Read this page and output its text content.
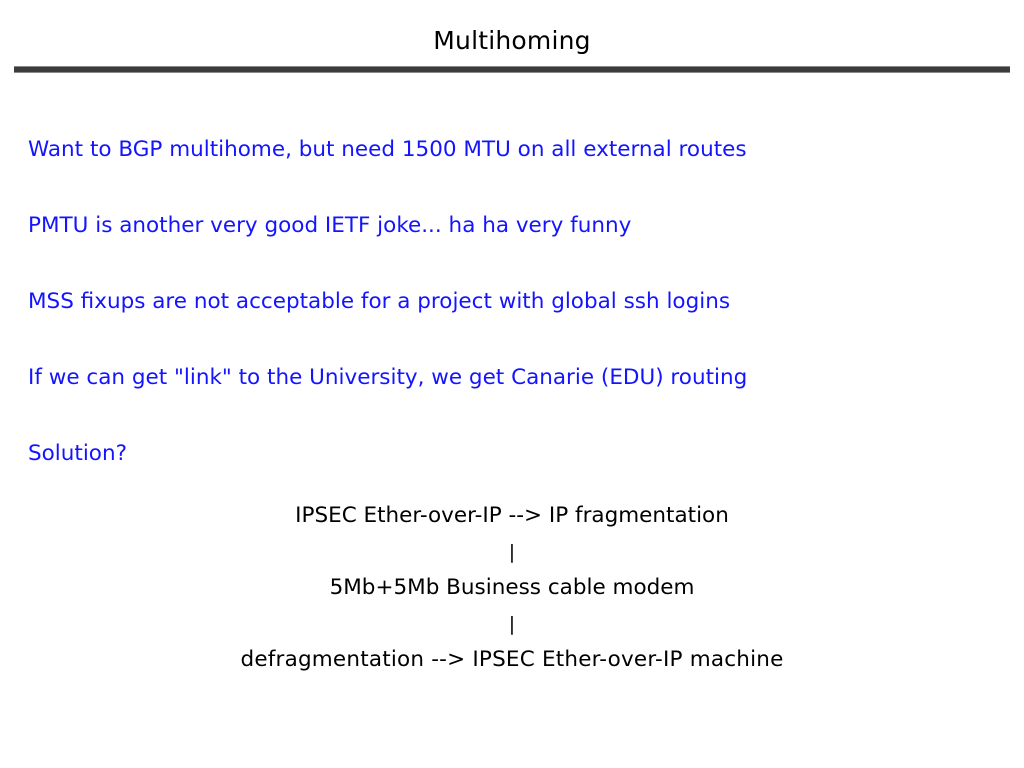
Multihoming
Want to BGP multihome, but need 1500 MTU on all external routes
PMTU is another very good IETF joke... ha ha very funny
MSS fixups are not acceptable for a project with global ssh logins
If we can get "link" to the University, we get Canarie (EDU) routing
Solution?
IPSEC Ether-over-IP --> IP fragmentation
|
5Mb+5Mb Business cable modem
|
defragmentation --> IPSEC Ether-over-IP machine
